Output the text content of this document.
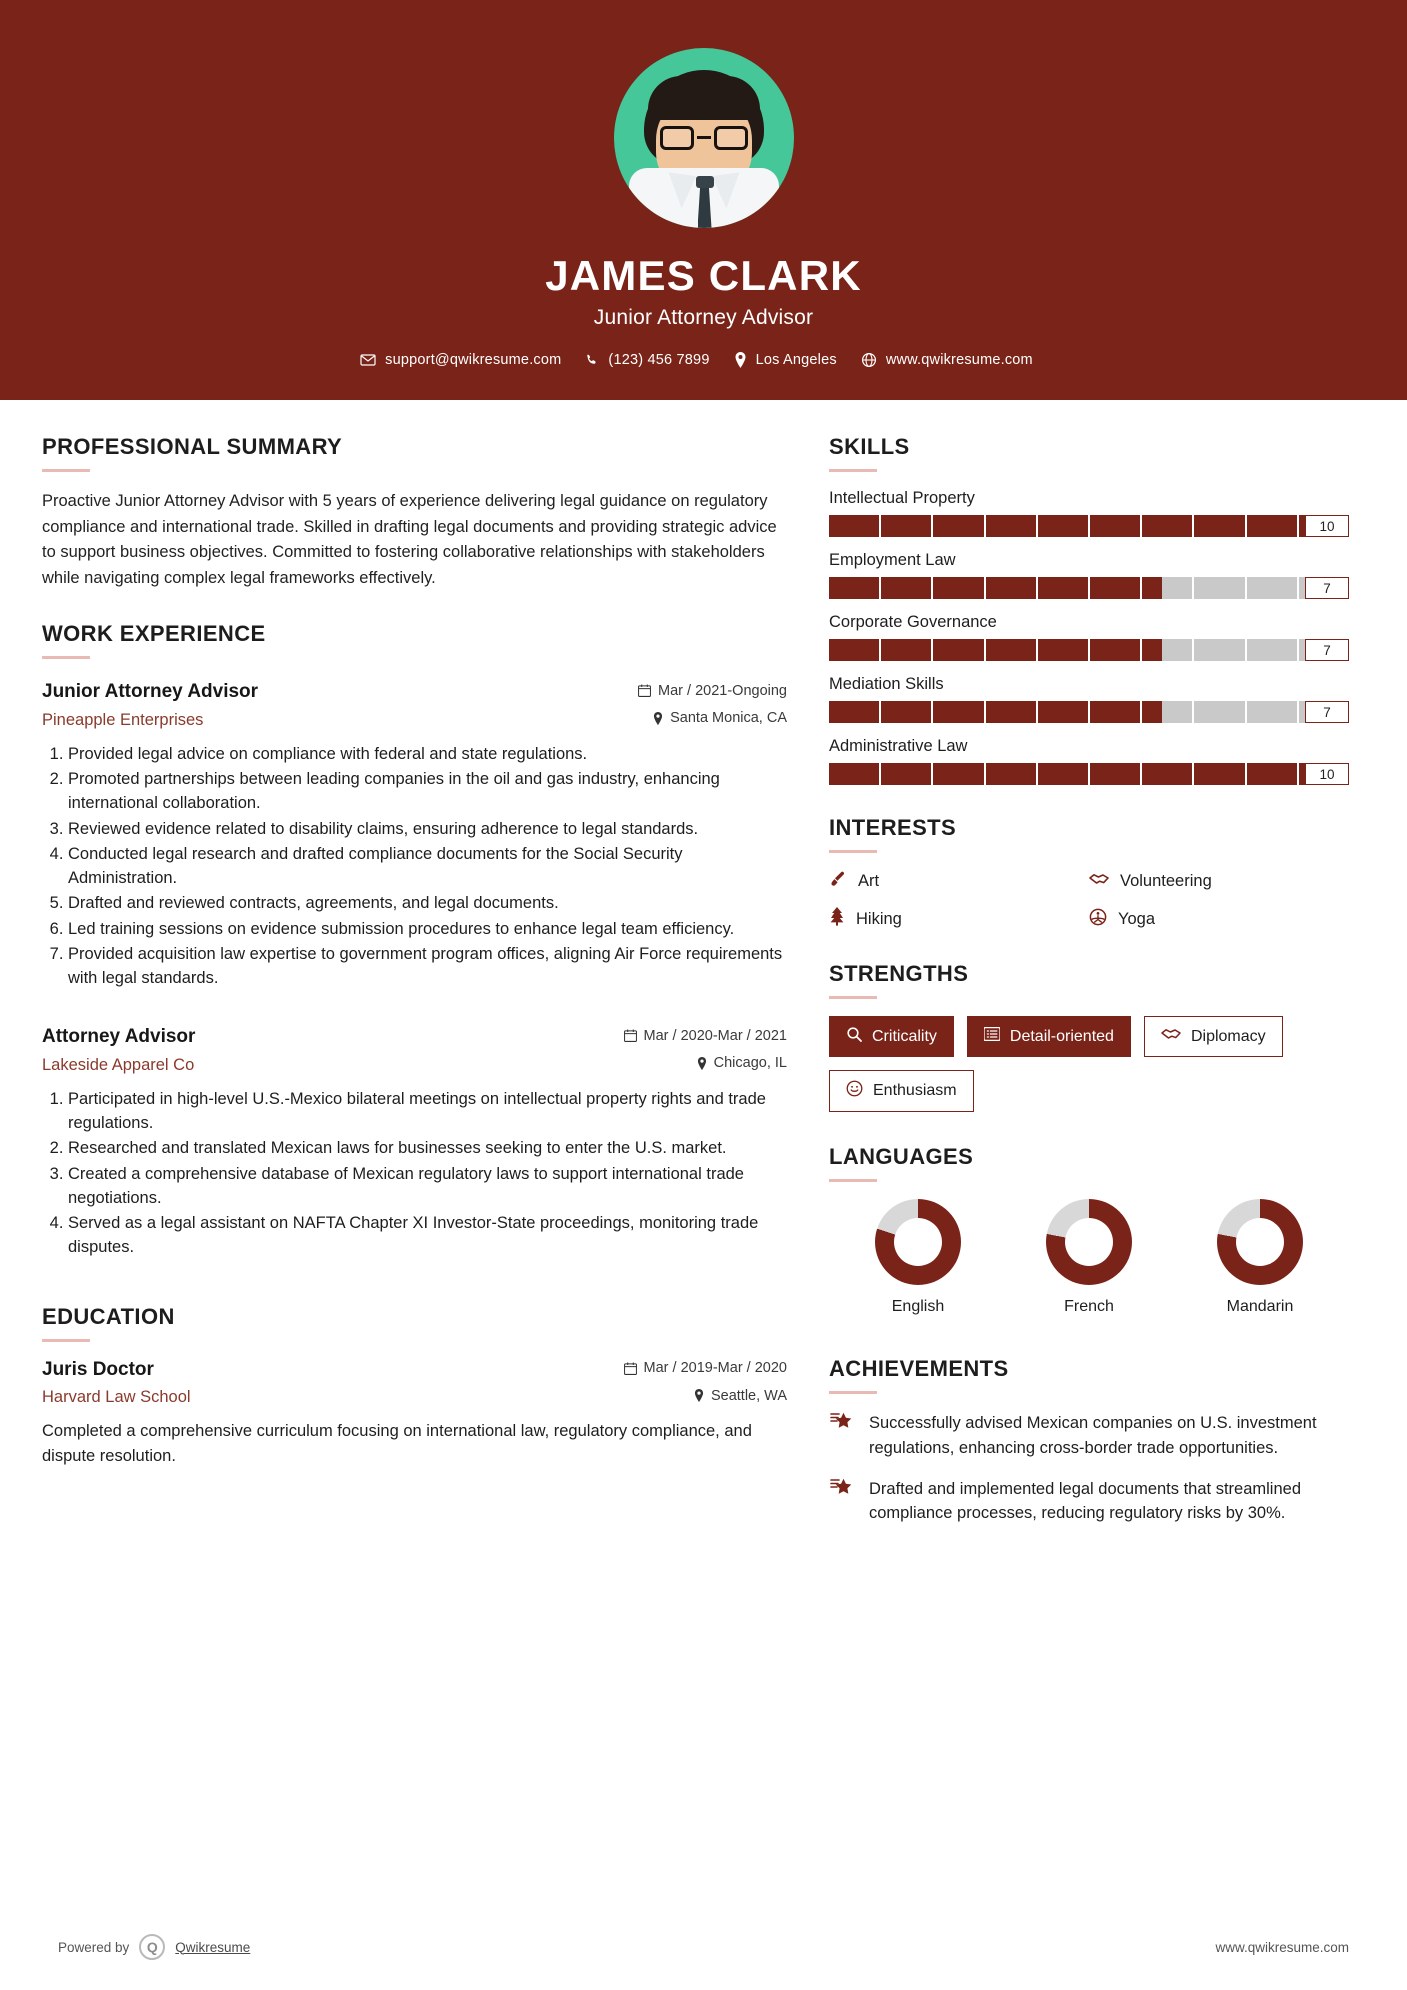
JAMES CLARK
Junior Attorney Advisor
support@qwikresume.com	(123) 456 7899	Los Angeles	www.qwikresume.com
PROFESSIONAL SUMMARY

Proactive Junior Attorney Advisor with 5 years of experience delivering legal guidance on regulatory compliance and international trade. Skilled in drafting legal documents and providing strategic advice to support business objectives. Committed to fostering collaborative relationships with stakeholders while navigating complex legal frameworks effectively.

WORK EXPERIENCE
Junior Attorney Advisor	Mar / 2021-Ongoing
Pineapple Enterprises	Santa Monica, CA
1. Provided legal advice on compliance with federal and state regulations.
2. Promoted partnerships between leading companies in the oil and gas industry, enhancing international collaboration.
3. Reviewed evidence related to disability claims, ensuring adherence to legal standards.
4. Conducted legal research and drafted compliance documents for the Social Security Administration.
5. Drafted and reviewed contracts, agreements, and legal documents.
6. Led training sessions on evidence submission procedures to enhance legal team efficiency.
7. Provided acquisition law expertise to government program offices, aligning Air Force requirements with legal standards.
Attorney Advisor	Mar / 2020-Mar / 2021
Lakeside Apparel Co	Chicago, IL
1. Participated in high-level U.S.-Mexico bilateral meetings on intellectual property rights and trade regulations.
2. Researched and translated Mexican laws for businesses seeking to enter the U.S. market.
3. Created a comprehensive database of Mexican regulatory laws to support international trade negotiations.
4. Served as a legal assistant on NAFTA Chapter XI Investor-State proceedings, monitoring trade disputes.
EDUCATION
Juris Doctor	Mar / 2019-Mar / 2020
Harvard Law School	Seattle, WA

Completed a comprehensive curriculum focusing on international law, regulatory compliance, and dispute resolution.

SKILLS
Intellectual Property
10
Employment Law
7
Corporate Governance
7
Mediation Skills
7
Administrative Law
10
INTERESTS
Art	Volunteering
Hiking	Yoga
STRENGTHS
Criticality	Detail-oriented	Diplomacy
Enthusiasm
LANGUAGES
English	French	Mandarin
ACHIEVEMENTS
Successfully advised Mexican companies on U.S. investment regulations, enhancing cross-border trade opportunities.
Drafted and implemented legal documents that streamlined compliance processes, reducing regulatory risks by 30%.
Powered by	Q	Qwikresume	www.qwikresume.com
